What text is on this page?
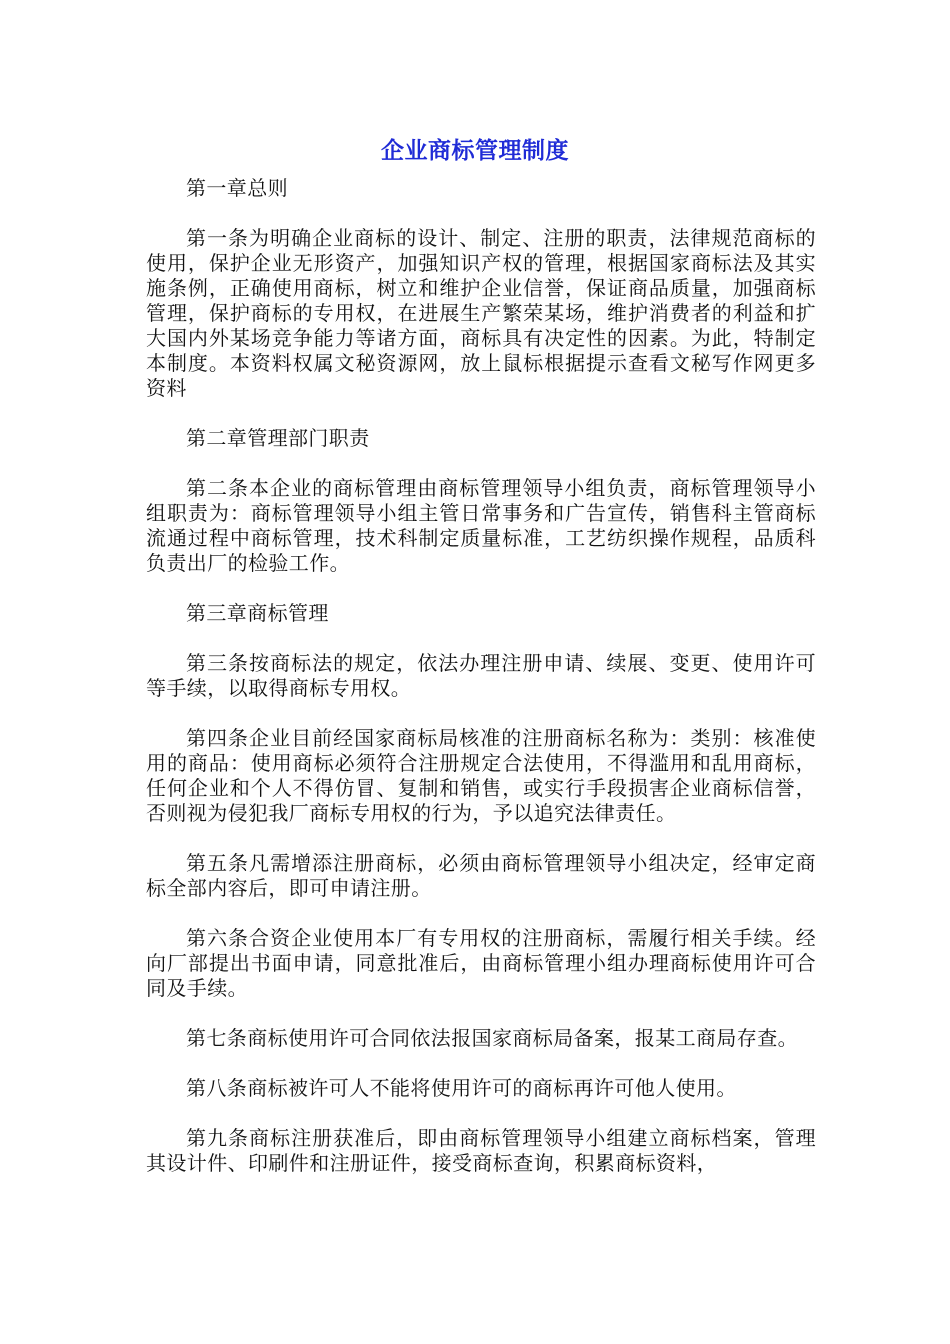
企业商标管理制度

第一章总则

第一条为明确企业商标的设计、制定、注册的职责，法律规范商标的使用，保护企业无形资产，加强知识产权的管理，根据国家商标法及其实施条例，正确使用商标，树立和维护企业信誉，保证商品质量，加强商标管理，保护商标的专用权，在进展生产繁荣某场，维护消费者的利益和扩大国内外某场竞争能力等诸方面，商标具有决定性的因素。为此，特制定本制度。本资料权属文秘资源网，放上鼠标根据提示查看文秘写作网更多资料

第二章管理部门职责

第二条本企业的商标管理由商标管理领导小组负责，商标管理领导小组职责为：商标管理领导小组主管日常事务和广告宣传，销售科主管商标流通过程中商标管理，技术科制定质量标准，工艺纺织操作规程，品质科负责出厂的检验工作。

第三章商标管理

第三条按商标法的规定，依法办理注册申请、续展、变更、使用许可等手续，以取得商标专用权。

第四条企业目前经国家商标局核准的注册商标名称为：类别：核准使用的商品：使用商标必须符合注册规定合法使用，不得滥用和乱用商标，任何企业和个人不得仿冒、复制和销售，或实行手段损害企业商标信誉，否则视为侵犯我厂商标专用权的行为，予以追究法律责任。

第五条凡需增添注册商标，必须由商标管理领导小组决定，经审定商标全部内容后，即可申请注册。

第六条合资企业使用本厂有专用权的注册商标，需履行相关手续。经向厂部提出书面申请，同意批准后，由商标管理小组办理商标使用许可合同及手续。

第七条商标使用许可合同依法报国家商标局备案，报某工商局存查。

第八条商标被许可人不能将使用许可的商标再许可他人使用。

第九条商标注册获准后，即由商标管理领导小组建立商标档案，管理其设计件、印刷件和注册证件，接受商标查询，积累商标资料，
